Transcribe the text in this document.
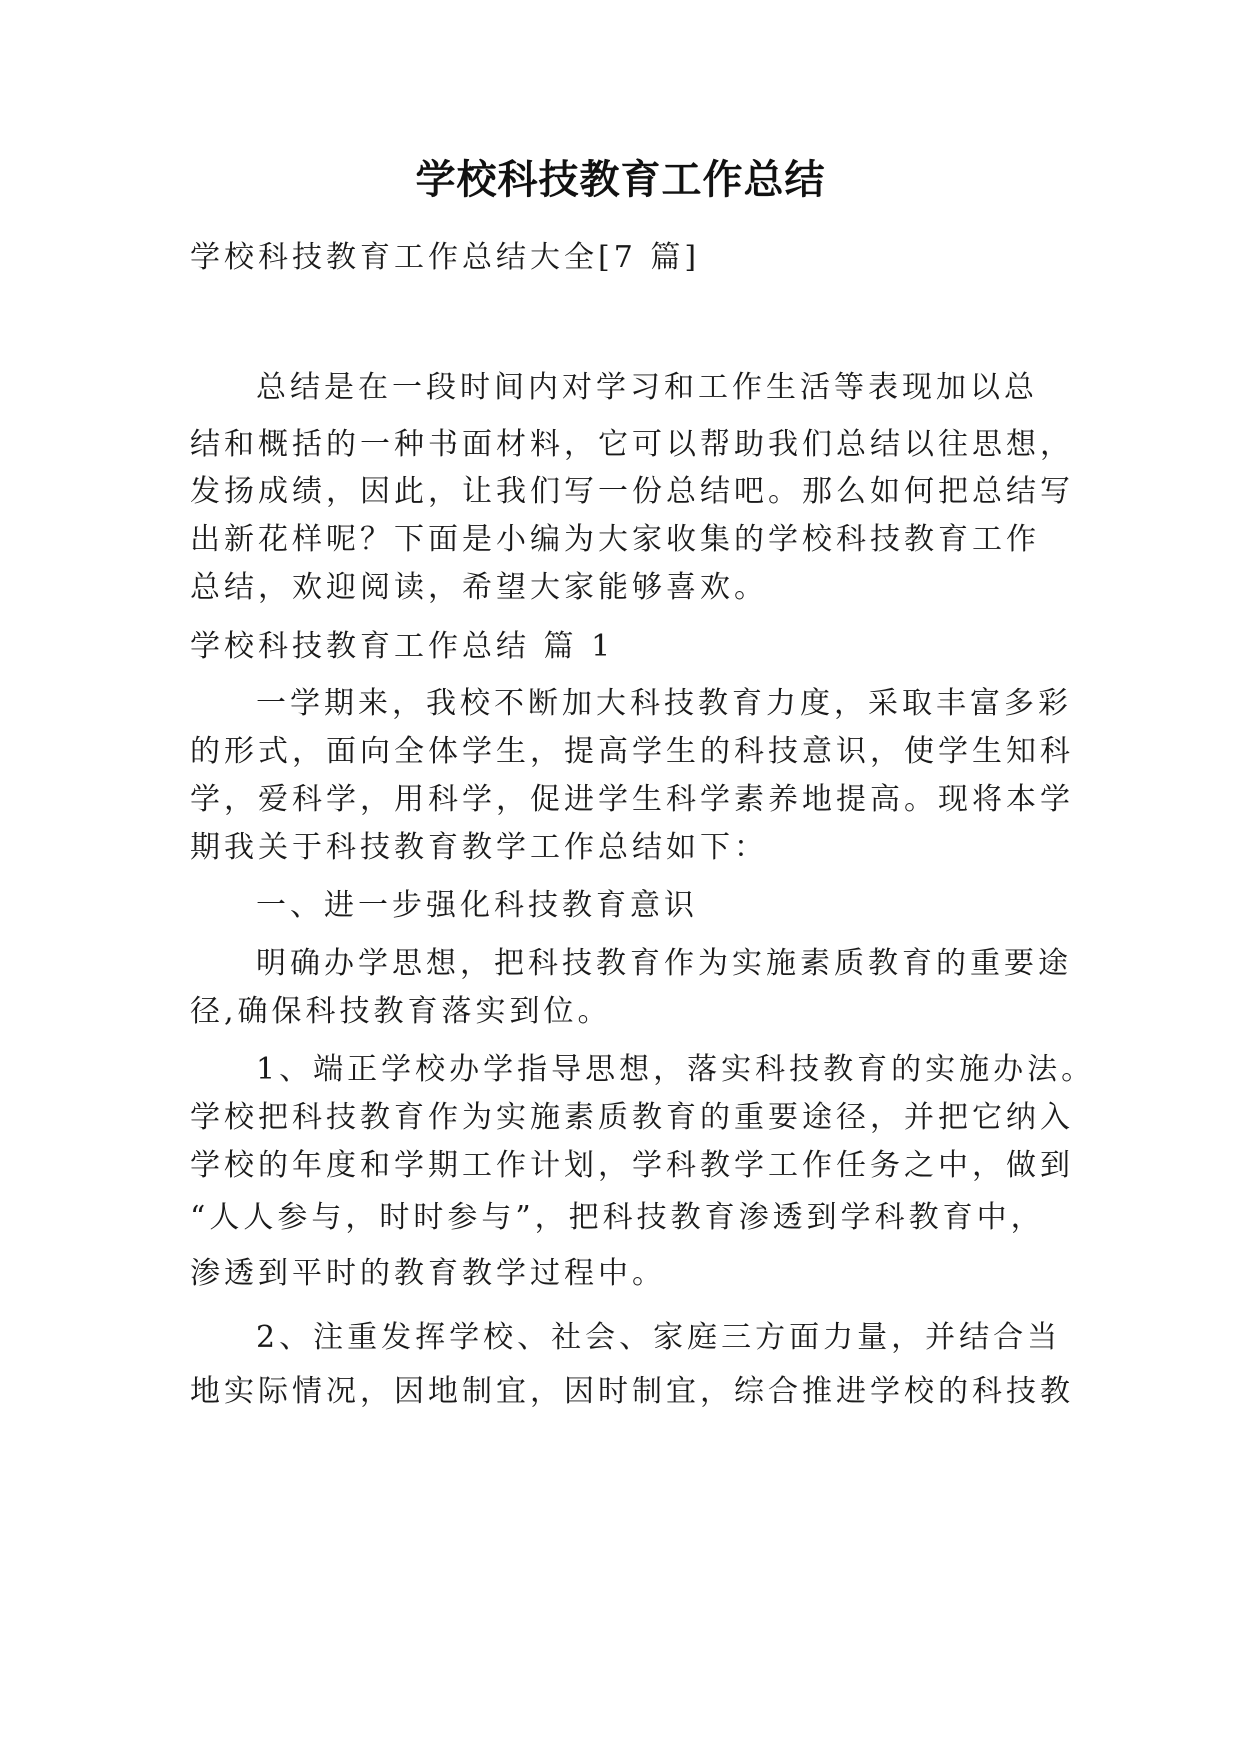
学校科技教育工作总结
学校科技教育工作总结大全[7 篇]
总结是在一段时间内对学习和工作生活等表现加以总
结和概括的一种书面材料，它可以帮助我们总结以往思想，
发扬成绩，因此，让我们写一份总结吧。那么如何把总结写
出新花样呢？下面是小编为大家收集的学校科技教育工作
总结，欢迎阅读，希望大家能够喜欢。
学校科技教育工作总结 篇 1
一学期来，我校不断加大科技教育力度，采取丰富多彩
的形式，面向全体学生，提高学生的科技意识，使学生知科
学，爱科学，用科学，促进学生科学素养地提高。现将本学
期我关于科技教育教学工作总结如下：
一、进一步强化科技教育意识
明确办学思想，把科技教育作为实施素质教育的重要途
径,确保科技教育落实到位。
1、端正学校办学指导思想，落实科技教育的实施办法。
学校把科技教育作为实施素质教育的重要途径，并把它纳入
学校的年度和学期工作计划，学科教学工作任务之中，做到
“人人参与，时时参与”，把科技教育渗透到学科教育中，
渗透到平时的教育教学过程中。
2、注重发挥学校、社会、家庭三方面力量，并结合当
地实际情况，因地制宜，因时制宜，综合推进学校的科技教
